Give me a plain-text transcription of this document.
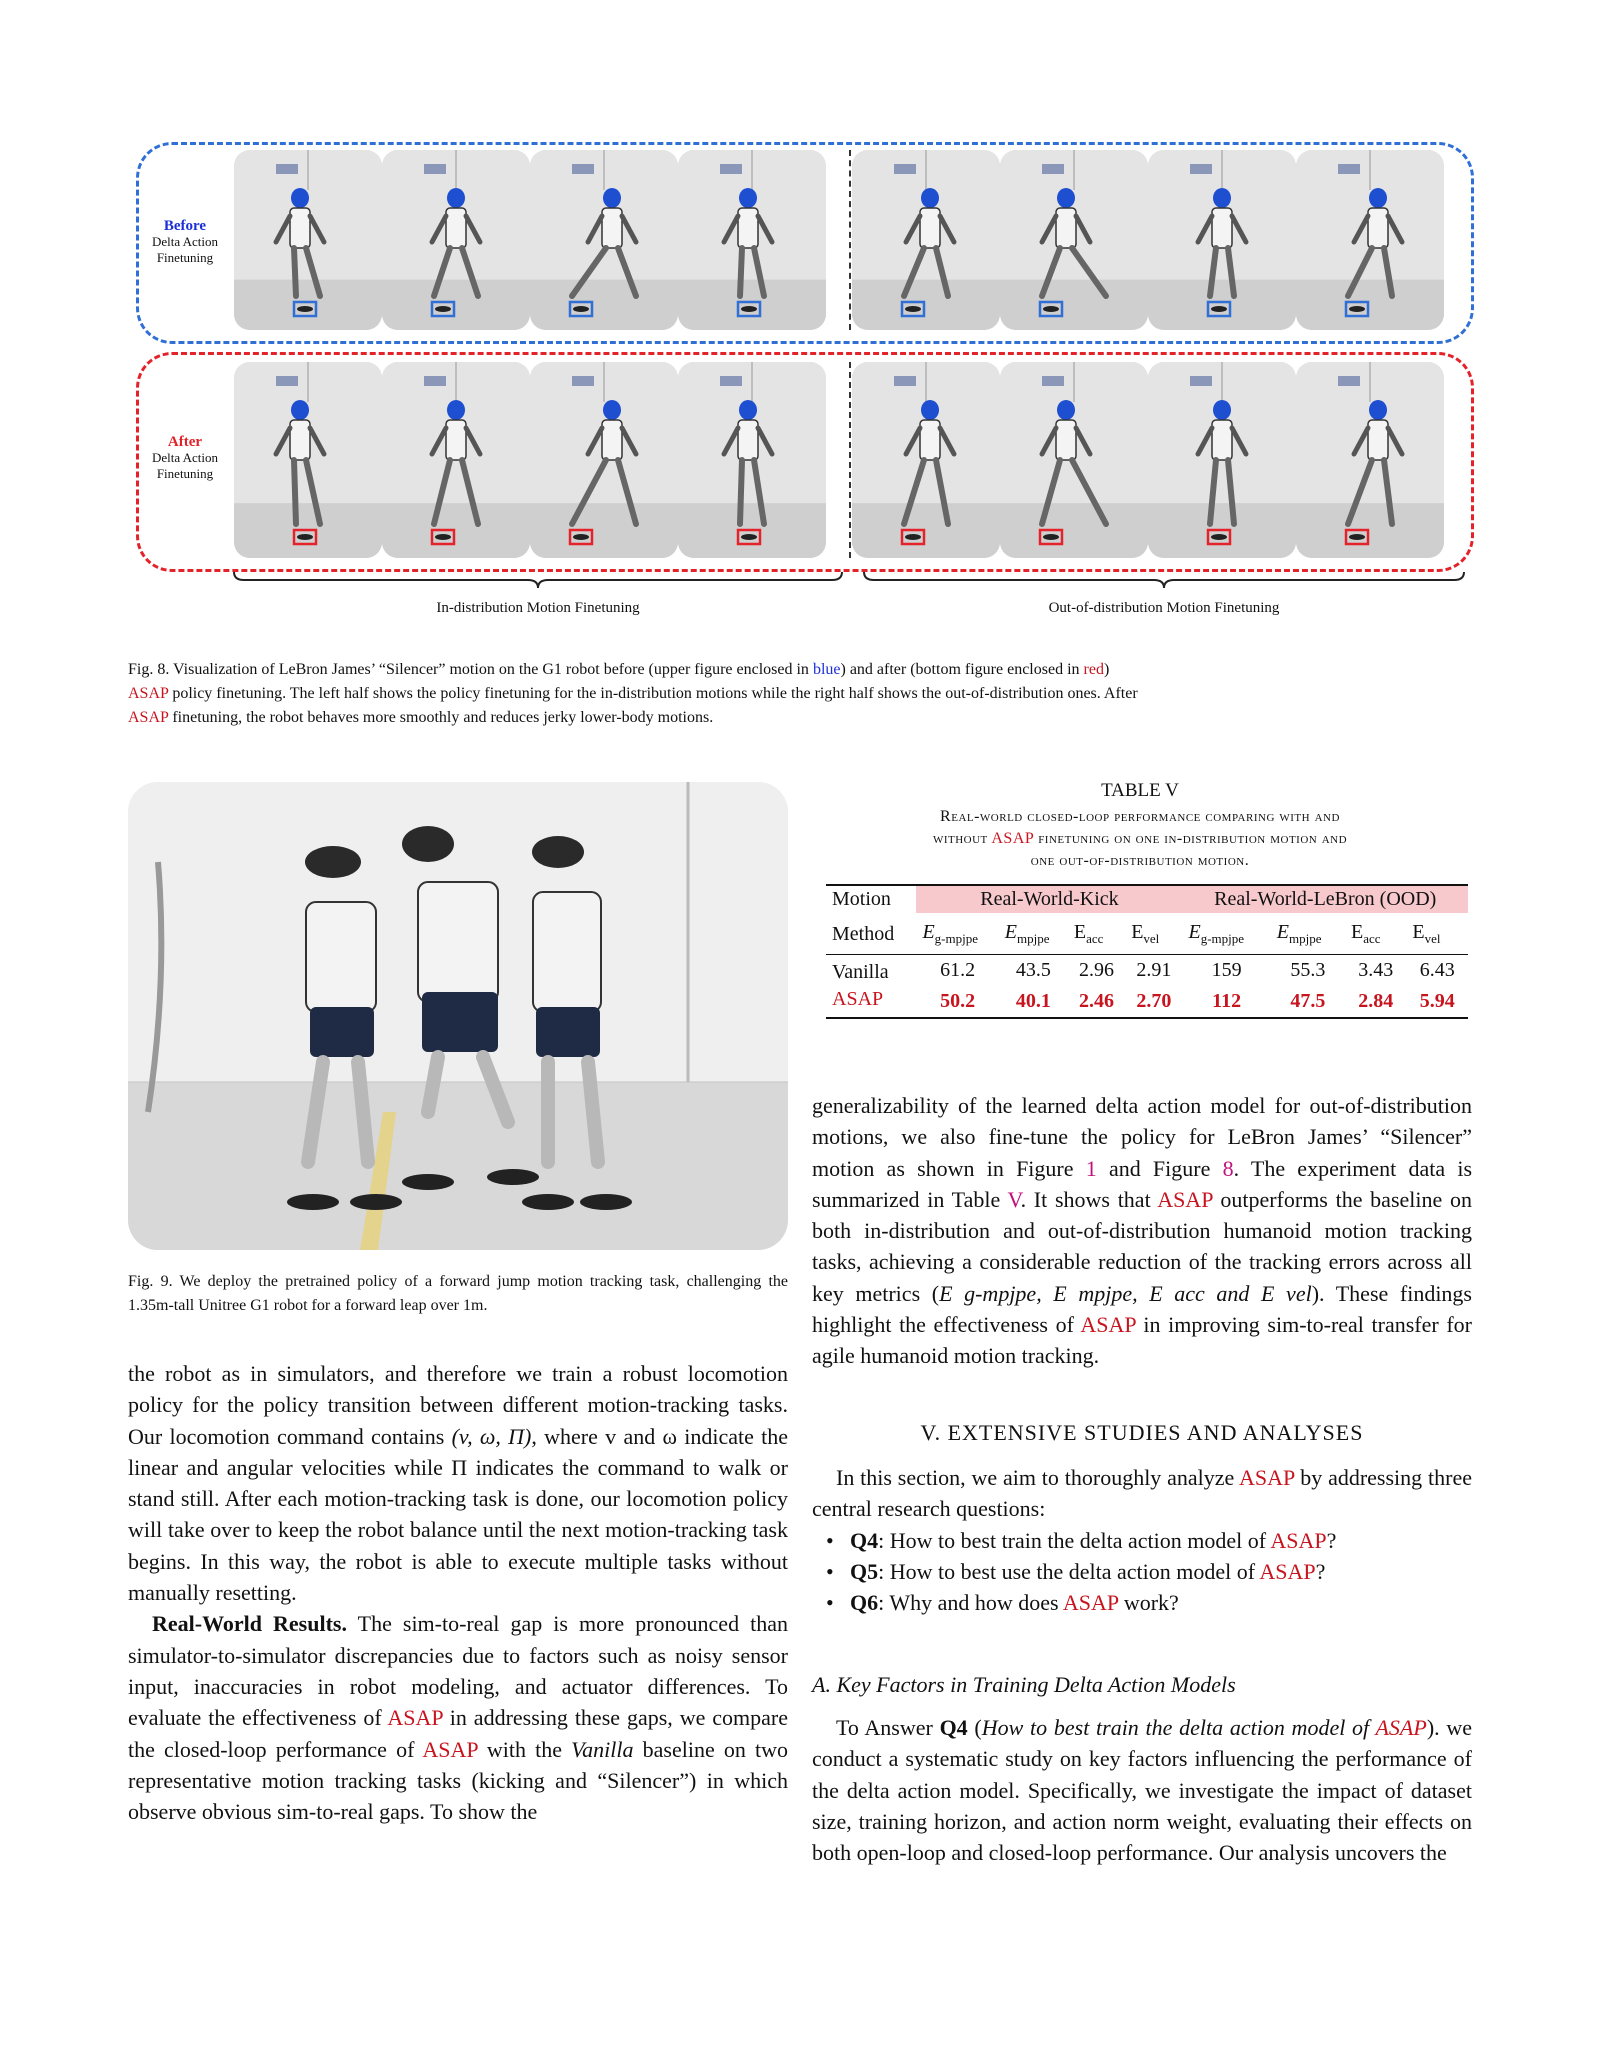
Before
Delta Action
Finetuning
After
Delta Action
Finetuning
In-distribution Motion Finetuning	Out-of-distribution Motion Finetuning
Fig. 8. Visualization of LeBron James’ “Silencer” motion on the G1 robot before (upper figure enclosed in blue) and after (bottom figure enclosed in red)
ASAP policy finetuning. The left half shows the policy finetuning for the in-distribution motions while the right half shows the out-of-distribution ones. After
ASAP finetuning, the robot behaves more smoothly and reduces jerky lower-body motions.
Fig. 9. We deploy the pretrained policy of a forward jump motion tracking task, challenging the 1.35m-tall Unitree G1 robot for a forward leap over 1m.
TABLE V
Real-world closed-loop performance comparing with and
without ASAP finetuning on one in-distribution motion and
one out-of-distribution motion.
Motion	Real-World-Kick				Real-World-LeBron (OOD)			
Method	$E_{g-mpjpe}$	$E_{mpjpe}$	$E_{acc}$	$E_{vel}$	$E_{g-mpjpe}$	$E_{mpjpe}$	$E_{acc}$	$E_{vel}$
Vanilla	61.2	43.5	2.96	2.91	159	55.3	3.43	6.43
ASAP	50.2	40.1	2.46	2.70	112	47.5	2.84	5.94

the robot as in simulators, and therefore we train a robust locomotion policy for the policy transition between different motion-tracking tasks. Our locomotion command contains (v, ω, Π), where v and ω indicate the linear and angular velocities while Π indicates the command to walk or stand still. After each motion-tracking task is done, our locomotion policy will take over to keep the robot balance until the next motion-tracking task begins. In this way, the robot is able to execute multiple tasks without manually resetting.

Real-World Results. The sim-to-real gap is more pronounced than simulator-to-simulator discrepancies due to factors such as noisy sensor input, inaccuracies in robot modeling, and actuator differences. To evaluate the effectiveness of ASAP in addressing these gaps, we compare the closed-loop performance of ASAP with the Vanilla baseline on two representative motion tracking tasks (kicking and “Silencer”) in which observe obvious sim-to-real gaps. To show the

generalizability of the learned delta action model for out-of-distribution motions, we also fine-tune the policy for LeBron James’ “Silencer” motion as shown in Figure 1 and Figure 8. The experiment data is summarized in Table V. It shows that ASAP outperforms the baseline on both in-distribution and out-of-distribution humanoid motion tracking tasks, achieving a considerable reduction of the tracking errors across all key metrics (E g-mpjpe, E mpjpe, E acc and E vel). These findings highlight the effectiveness of ASAP in improving sim-to-real transfer for agile humanoid motion tracking.

V. EXTENSIVE STUDIES AND ANALYSES

In this section, we aim to thoroughly analyze ASAP by addressing three central research questions:

• Q4: How to best train the delta action model of ASAP?
• Q5: How to best use the delta action model of ASAP?
• Q6: Why and how does ASAP work?
A. Key Factors in Training Delta Action Models

To Answer Q4 (How to best train the delta action model of ASAP). we conduct a systematic study on key factors influencing the performance of the delta action model. Specifically, we investigate the impact of dataset size, training horizon, and action norm weight, evaluating their effects on both open-loop and closed-loop performance. Our analysis uncovers the
